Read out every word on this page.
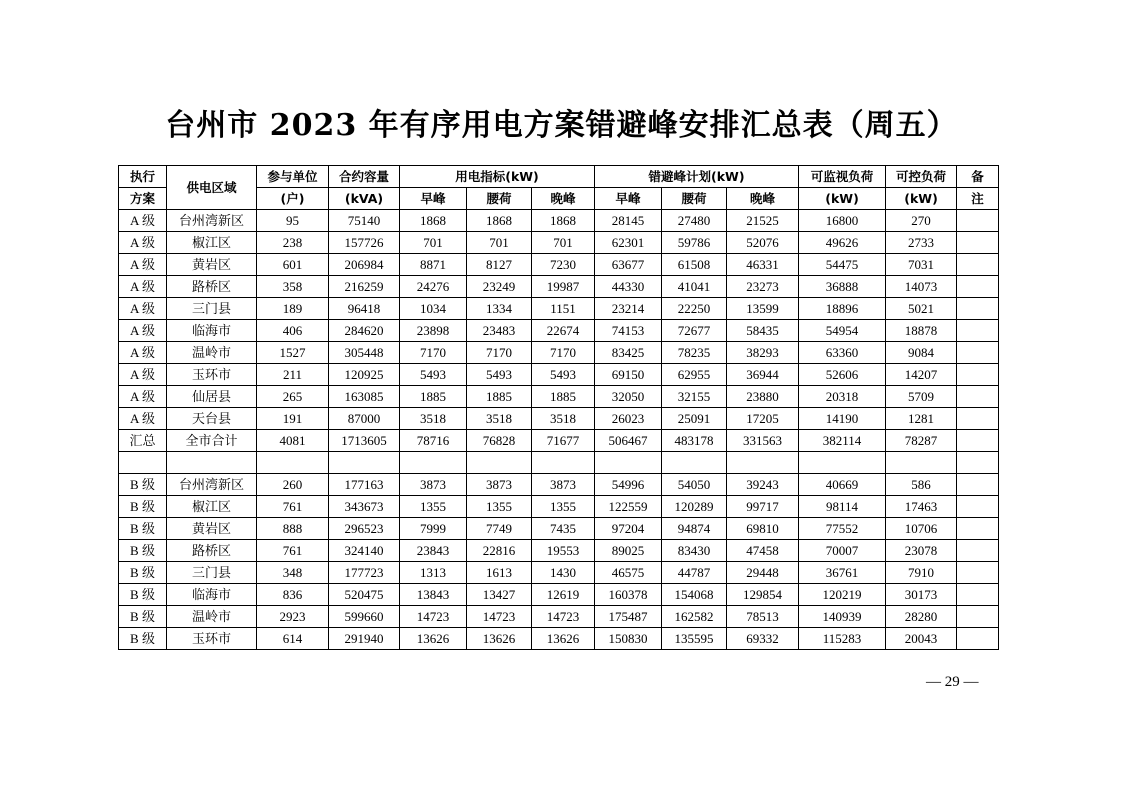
台州市 2023 年有序用电方案错避峰安排汇总表（周五）
执行	供电区域	参与单位	合约容量	用电指标(kW)			错避峰计划(kW)			可监视负荷	可控负荷	备
方案		(户)	(kVA)	早峰	腰荷	晚峰	早峰	腰荷	晚峰	(kW)	(kW)	注
A 级	台州湾新区	95	75140	1868	1868	1868	28145	27480	21525	16800	270	
A 级	椒江区	238	157726	701	701	701	62301	59786	52076	49626	2733	
A 级	黄岩区	601	206984	8871	8127	7230	63677	61508	46331	54475	7031	
A 级	路桥区	358	216259	24276	23249	19987	44330	41041	23273	36888	14073	
A 级	三门县	189	96418	1034	1334	1151	23214	22250	13599	18896	5021	
A 级	临海市	406	284620	23898	23483	22674	74153	72677	58435	54954	18878	
A 级	温岭市	1527	305448	7170	7170	7170	83425	78235	38293	63360	9084	
A 级	玉环市	211	120925	5493	5493	5493	69150	62955	36944	52606	14207	
A 级	仙居县	265	163085	1885	1885	1885	32050	32155	23880	20318	5709	
A 级	天台县	191	87000	3518	3518	3518	26023	25091	17205	14190	1281	
汇总	全市合计	4081	1713605	78716	76828	71677	506467	483178	331563	382114	78287	

B 级	台州湾新区	260	177163	3873	3873	3873	54996	54050	39243	40669	586	
B 级	椒江区	761	343673	1355	1355	1355	122559	120289	99717	98114	17463	
B 级	黄岩区	888	296523	7999	7749	7435	97204	94874	69810	77552	10706	
B 级	路桥区	761	324140	23843	22816	19553	89025	83430	47458	70007	23078	
B 级	三门县	348	177723	1313	1613	1430	46575	44787	29448	36761	7910	
B 级	临海市	836	520475	13843	13427	12619	160378	154068	129854	120219	30173	
B 级	温岭市	2923	599660	14723	14723	14723	175487	162582	78513	140939	28280	
B 级	玉环市	614	291940	13626	13626	13626	150830	135595	69332	115283	20043	
— 29 —
